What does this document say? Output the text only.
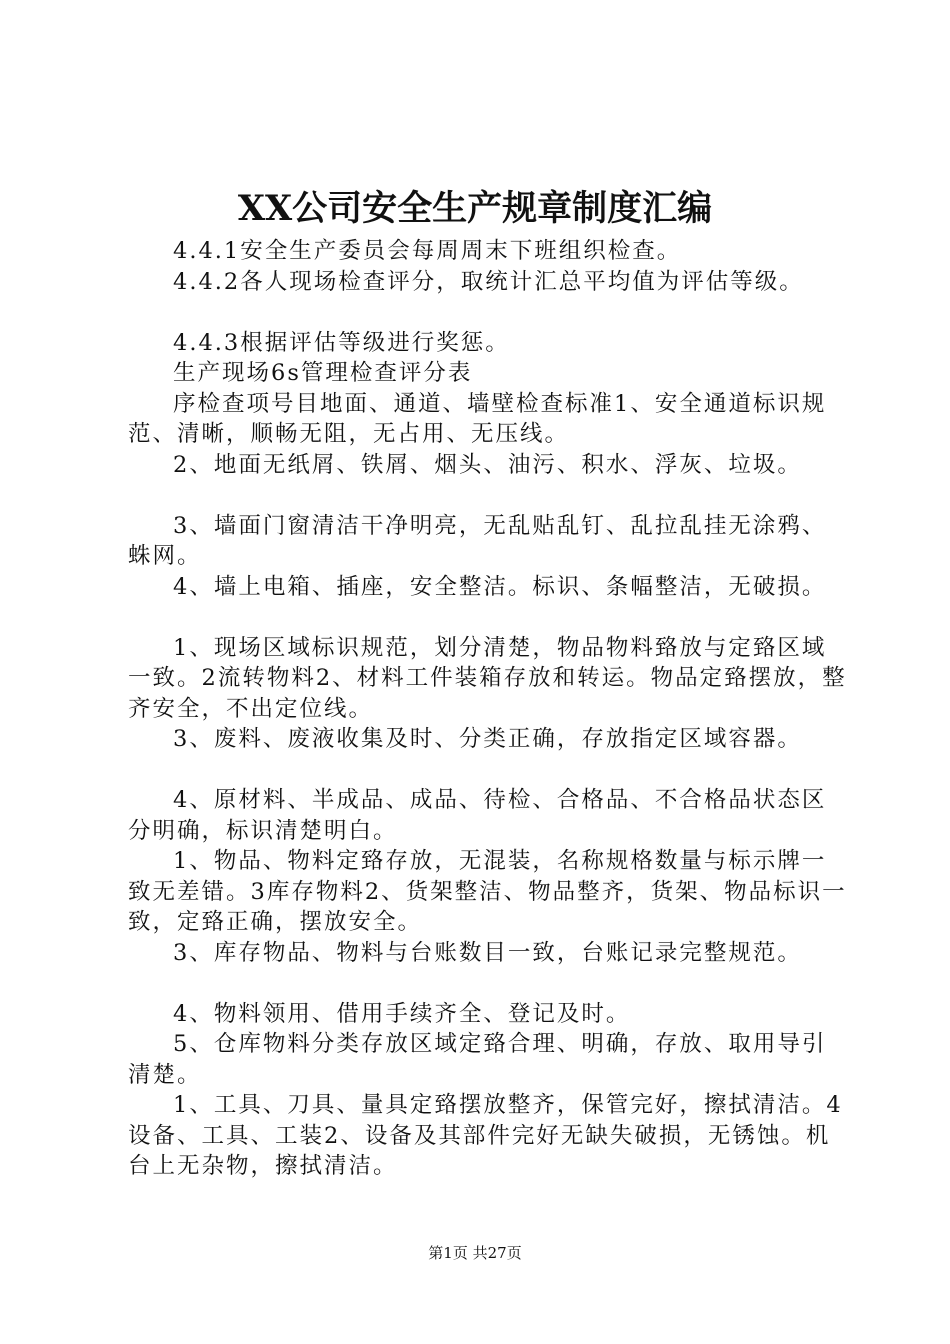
XX公司安全生产规章制度汇编

4.4.1安全生产委员会每周周末下班组织检查。

4.4.2各人现场检查评分，取统计汇总平均值为评估等级。

4.4.3根据评估等级进行奖惩。

生产现场6s管理检查评分表

序检查项号目地面、通道、墙壁检查标准1、安全通道标识规范、清晰，顺畅无阻，无占用、无压线。

2、地面无纸屑、铁屑、烟头、油污、积水、浮灰、垃圾。

3、墙面门窗清洁干净明亮，无乱贴乱钉、乱拉乱挂无涂鸦、蛛网。

4、墙上电箱、插座，安全整洁。标识、条幅整洁，无破损。

1、现场区域标识规范，划分清楚，物品物料臵放与定臵区域一致。2流转物料2、材料工件装箱存放和转运。物品定臵摆放，整齐安全，不出定位线。

3、废料、废液收集及时、分类正确，存放指定区域容器。

4、原材料、半成品、成品、待检、合格品、不合格品状态区分明确，标识清楚明白。

1、物品、物料定臵存放，无混装，名称规格数量与标示牌一致无差错。3库存物料2、货架整洁、物品整齐，货架、物品标识一致，定臵正确，摆放安全。

3、库存物品、物料与台账数目一致，台账记录完整规范。

4、物料领用、借用手续齐全、登记及时。

5、仓库物料分类存放区域定臵合理、明确，存放、取用导引清楚。

1、工具、刀具、量具定臵摆放整齐，保管完好，擦拭清洁。4设备、工具、工装2、设备及其部件完好无缺失破损，无锈蚀。机台上无杂物，擦拭清洁。

第1页 共27页
